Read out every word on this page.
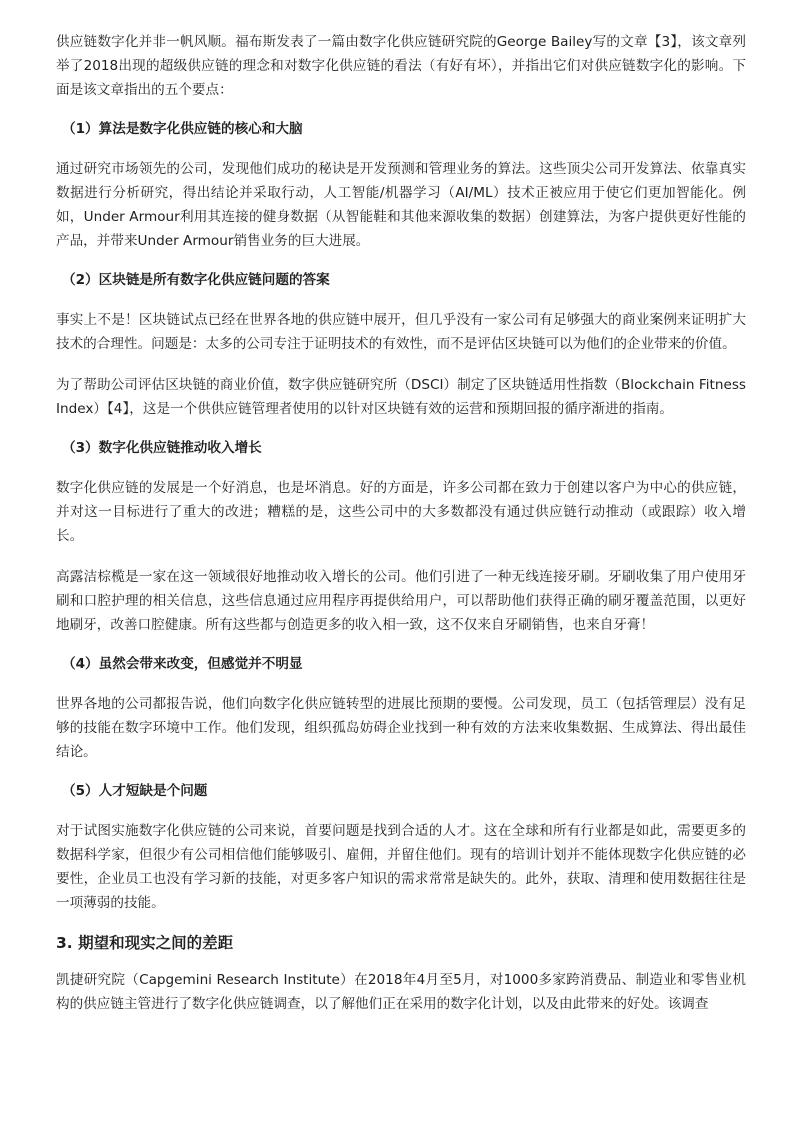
供应链数字化并非一帆风顺。福布斯发表了一篇由数字化供应链研究院的George Bailey写的文章【3】，该文章列举了2018出现的超级供应链的理念和对数字化供应链的看法（有好有坏），并指出它们对供应链数字化的影响。下面是该文章指出的五个要点：

（1）算法是数字化供应链的核心和大脑

通过研究市场领先的公司，发现他们成功的秘诀是开发预测和管理业务的算法。这些顶尖公司开发算法、依靠真实数据进行分析研究，得出结论并采取行动，人工智能/机器学习（AI/ML）技术正被应用于使它们更加智能化。例如，Under Armour利用其连接的健身数据（从智能鞋和其他来源收集的数据）创建算法，为客户提供更好性能的产品，并带来Under Armour销售业务的巨大进展。

（2）区块链是所有数字化供应链问题的答案

事实上不是！区块链试点已经在世界各地的供应链中展开，但几乎没有一家公司有足够强大的商业案例来证明扩大技术的合理性。问题是：太多的公司专注于证明技术的有效性，而不是评估区块链可以为他们的企业带来的价值。

为了帮助公司评估区块链的商业价值，数字供应链研究所（DSCI）制定了区块链适用性指数（Blockchain Fitness Index）【4】，这是一个供供应链管理者使用的以针对区块链有效的运营和预期回报的循序渐进的指南。

（3）数字化供应链推动收入增长

数字化供应链的发展是一个好消息，也是坏消息。好的方面是，许多公司都在致力于创建以客户为中心的供应链，并对这一目标进行了重大的改进；糟糕的是，这些公司中的大多数都没有通过供应链行动推动（或跟踪）收入增长。

高露洁棕榄是一家在这一领域很好地推动收入增长的公司。他们引进了一种无线连接牙刷。牙刷收集了用户使用牙刷和口腔护理的相关信息，这些信息通过应用程序再提供给用户，可以帮助他们获得正确的刷牙覆盖范围，以更好地刷牙，改善口腔健康。所有这些都与创造更多的收入相一致，这不仅来自牙刷销售，也来自牙膏！

（4）虽然会带来改变，但感觉并不明显

世界各地的公司都报告说，他们向数字化供应链转型的进展比预期的要慢。公司发现，员工（包括管理层）没有足够的技能在数字环境中工作。他们发现，组织孤岛妨碍企业找到一种有效的方法来收集数据、生成算法、得出最佳结论。

（5）人才短缺是个问题

对于试图实施数字化供应链的公司来说，首要问题是找到合适的人才。这在全球和所有行业都是如此，需要更多的数据科学家，但很少有公司相信他们能够吸引、雇佣，并留住他们。现有的培训计划并不能体现数字化供应链的必要性，企业员工也没有学习新的技能，对更多客户知识的需求常常是缺失的。此外，获取、清理和使用数据往往是一项薄弱的技能。

3. 期望和现实之间的差距

凯捷研究院（Capgemini Research Institute）在2018年4月至5月，对1000多家跨消费品、制造业和零售业机构的供应链主管进行了数字化供应链调查，以了解他们正在采用的数字化计划，以及由此带来的好处。该调查
